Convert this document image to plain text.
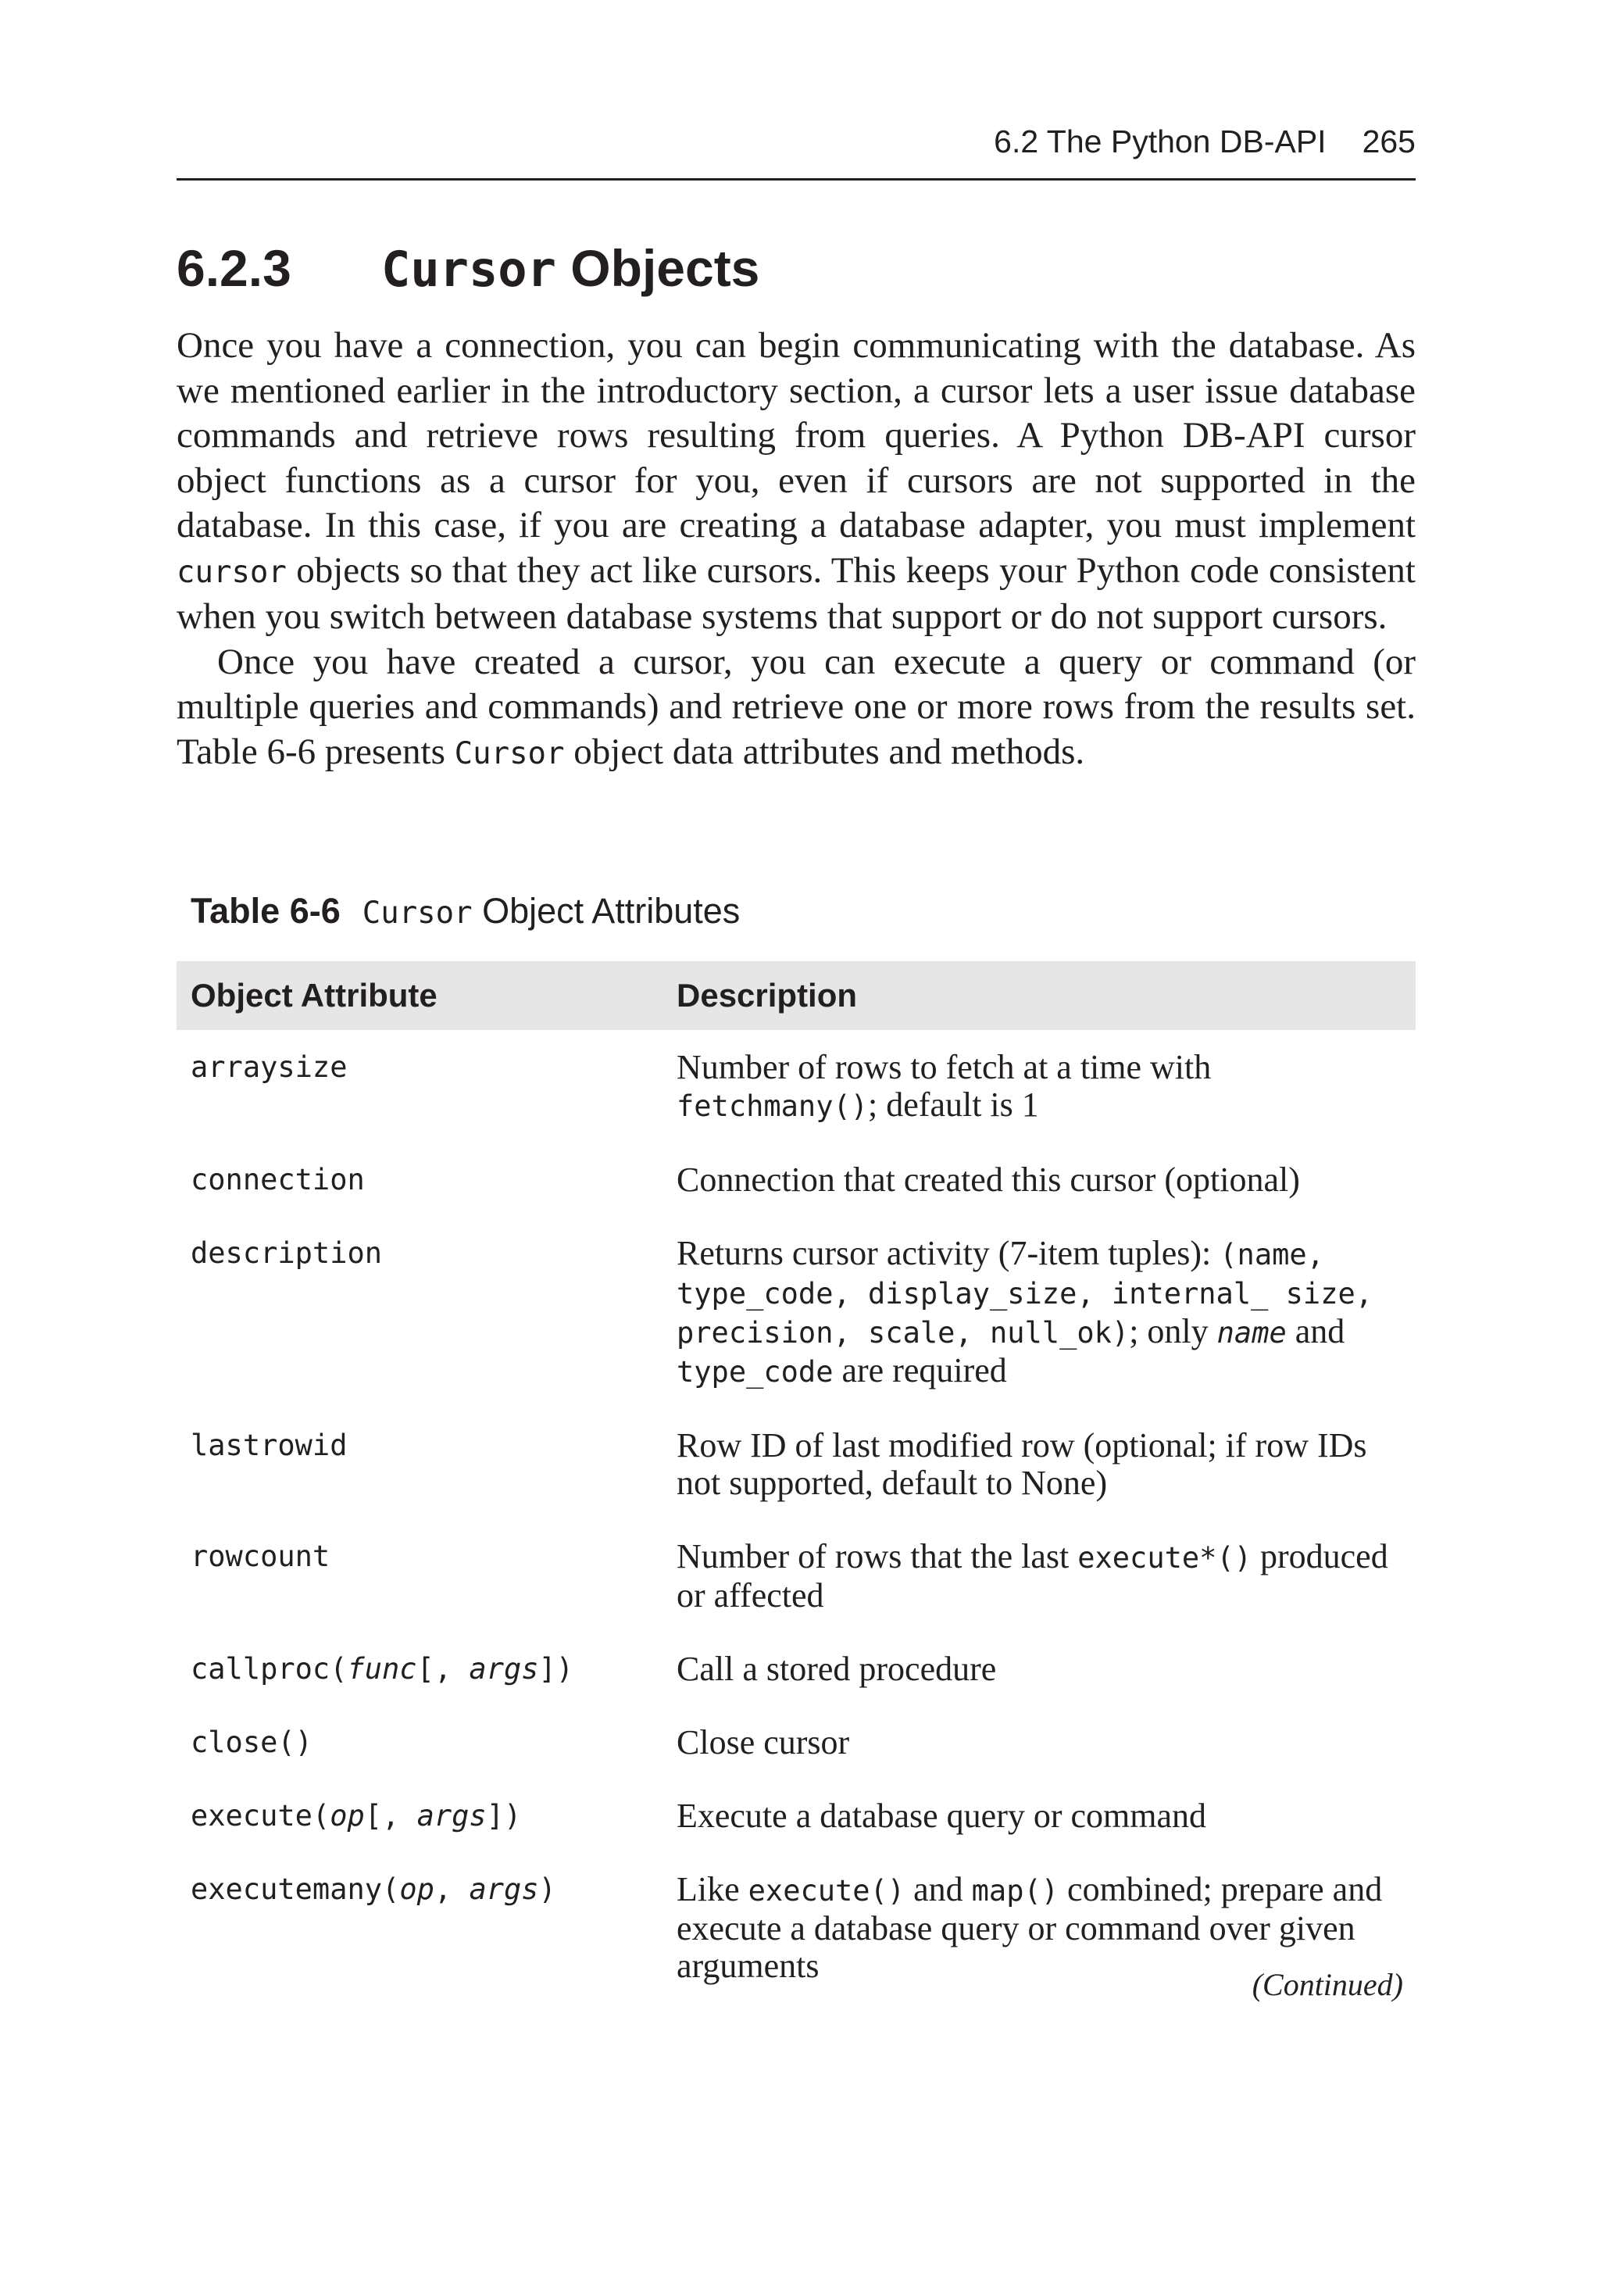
6.2 The Python DB-API 265
6.2.3 Cursor Objects

Once you have a connection, you can begin communicating with the database. As we mentioned earlier in the introductory section, a cursor lets a user issue database commands and retrieve rows resulting from queries. A Python DB-API cursor object functions as a cursor for you, even if cursors are not supported in the database. In this case, if you are creating a database adapter, you must implement cursor objects so that they act like cursors. This keeps your Python code consistent when you switch between database systems that support or do not support cursors.

Once you have created a cursor, you can execute a query or command (or multiple queries and commands) and retrieve one or more rows from the results set. Table 6-6 presents Cursor object data attributes and methods.

Table 6-6 Cursor Object Attributes
Object Attribute	Description
arraysize	Number of rows to fetch at a time with fetchmany(); default is 1
connection	Connection that created this cursor (optional)
description	Returns cursor activity (7-item tuples): (name, type_code, display_size, internal_ size, precision, scale, null_ok); only name and type_code are required
lastrowid	Row ID of last modified row (optional; if row IDs not supported, default to None)
rowcount	Number of rows that the last execute*() produced or affected
callproc(func[, args])	Call a stored procedure
close()	Close cursor
execute(op[, args])	Execute a database query or command
executemany(op, args)	Like execute() and map() combined; prepare and execute a database query or command over given arguments	(Continued)
